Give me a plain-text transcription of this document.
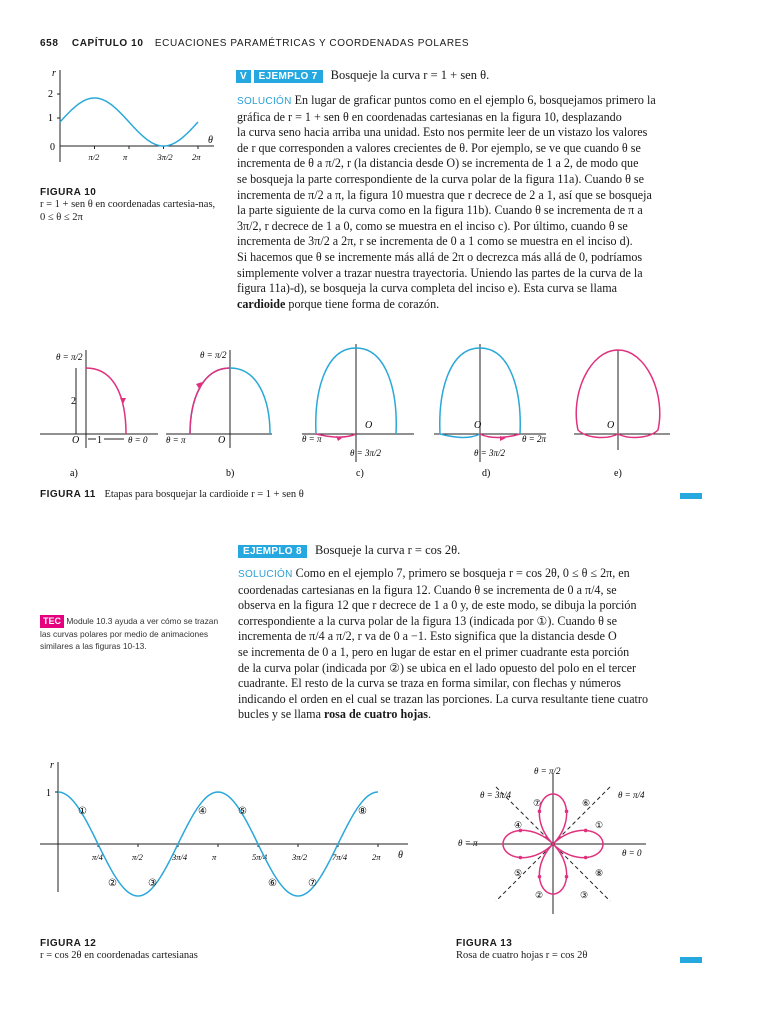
658 CAPÍTULO 10 ECUACIONES PARAMÉTRICAS Y COORDENADAS POLARES
r
θ
2
1
0
π/2	π	3π/2 2π
FIGURA 10
r = 1 + sen θ en coordenadas cartesia-nas, 0 ≤ θ ≤ 2π
V EJEMPLO 7 Bosqueje la curva r = 1 + sen θ.
SOLUCIÓN En lugar de graficar puntos como en el ejemplo 6, bosquejamos primero la
gráfica de r = 1 + sen θ en coordenadas cartesianas en la figura 10, desplazando
la curva seno hacia arriba una unidad. Esto nos permite leer de un vistazo los valores
de r que corresponden a valores crecientes de θ. Por ejemplo, se ve que cuando θ se
incrementa de θ a π/2, r (la distancia desde O) se incrementa de 1 a 2, de modo que
se bosqueja la parte correspondiente de la curva polar de la figura 11a). Cuando θ se
incrementa de π/2 a π, la figura 10 muestra que r decrece de 2 a 1, así que se bosqueja
la parte siguiente de la curva como en la figura 11b). Cuando θ se incrementa de π a
3π/2, r decrece de 1 a 0, como se muestra en el inciso c). Por último, cuando θ se
incrementa de 3π/2 a 2π, r se incrementa de 0 a 1 como se muestra en el inciso d).
Si hacemos que θ se incremente más allá de 2π o decrezca más allá de 0, podríamos
simplemente volver a trazar nuestra trayectoria. Uniendo las partes de la curva de la
figura 11a)-d), se bosqueja la curva completa del inciso e). Esta curva se llama
cardioide porque tiene forma de corazón.
θ = π/2
2
O 1	θ = 0
a)
θ = π/2
θ = π	O
b)
θ = π
O
θ = 3π/2
c)
O
θ = 2π
θ = 3π/2
d)
O
e)
FIGURA 11 Etapas para bosquejar la cardioide r = 1 + sen θ
EJEMPLO 8 Bosqueje la curva r = cos 2θ.
SOLUCIÓN Como en el ejemplo 7, primero se bosqueja r = cos 2θ, 0 ≤ θ ≤ 2π, en
coordenadas cartesianas en la figura 12. Cuando θ se incrementa de 0 a π/4, se
observa en la figura 12 que r decrece de 1 a 0 y, de este modo, se dibuja la porción
correspondiente a la curva polar de la figura 13 (indicada por ①). Cuando θ se
incrementa de π/4 a π/2, r va de 0 a −1. Esto significa que la distancia desde O
se incrementa de 0 a 1, pero en lugar de estar en el primer cuadrante esta porción
de la curva polar (indicada por ②) se ubica en el lado opuesto del polo en el tercer
cuadrante. El resto de la curva se traza en forma similar, con flechas y números
indicando el orden en el cual se trazan las porciones. La curva resultante tiene cuatro
bucles y se llama rosa de cuatro hojas.
TEC Module 10.3 ayuda a ver cómo se trazan
las curvas polares por medio de animaciones
similares a las figuras 10-13.
r
θ
1
π/4	π/2	3π/4	π	5π/4	3π/2	7π/4	2π
①
②	③
④	⑤
⑥	⑦
⑧
FIGURA 12
r = cos 2θ en coordenadas cartesianas
θ = π/2
θ = 3π/4	θ = π/4
θ = π
θ = 0
①
②	③
④
⑤
⑥
⑦
⑧
FIGURA 13
Rosa de cuatro hojas r = cos 2θ
